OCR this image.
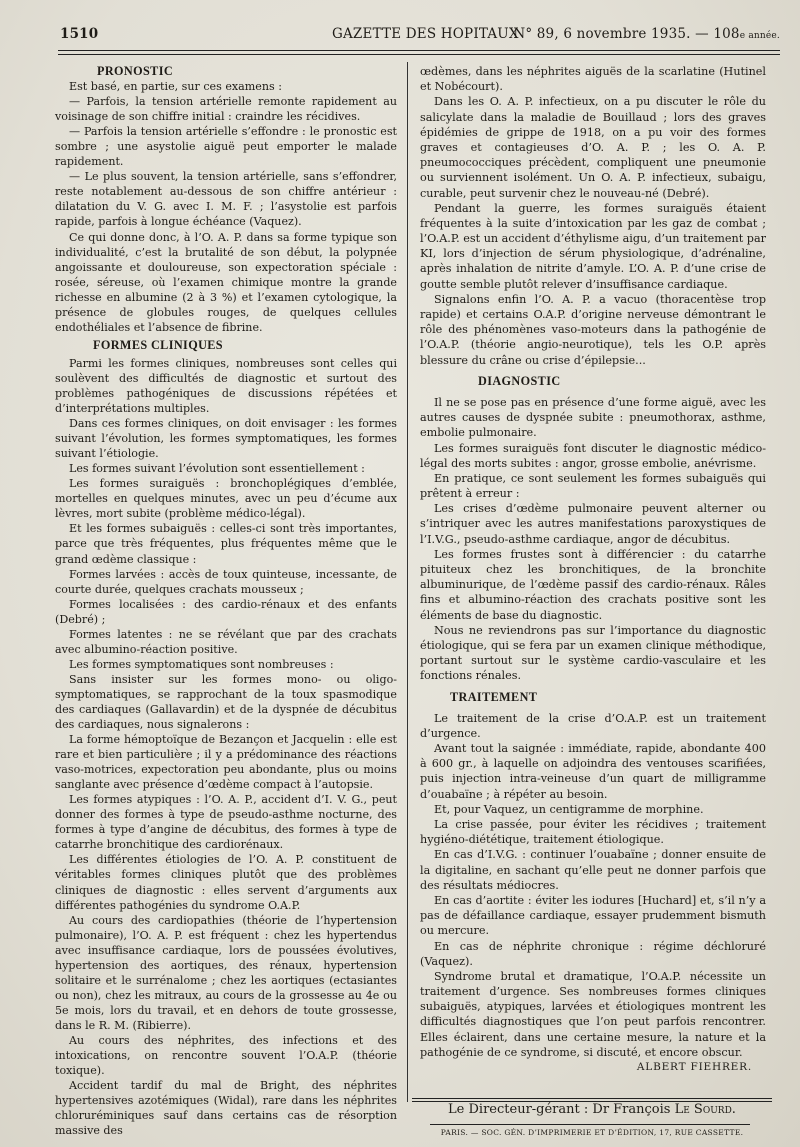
1510	GAZETTE DES HOPITAUX
N° 89, 6 novembre 1935. — 108e année.
PRONOSTIC

Est basé, en partie, sur ces examens :

— Parfois, la tension artérielle remonte rapidement au voisinage de son chiffre initial : craindre les récidives.

— Parfois la tension artérielle s’effondre : le pronostic est sombre ; une asystolie aiguë peut emporter le malade rapidement.

— Le plus souvent, la tension artérielle, sans s’effondrer, reste notablement au-dessous de son chiffre antérieur : dilatation du V. G. avec I. M. F. ; l’asystolie est parfois rapide, parfois à longue échéance (Vaquez).

Ce qui donne donc, à l’O. A. P. dans sa forme typique son individualité, c’est la brutalité de son début, la polypnée angoissante et douloureuse, son expectoration spéciale : rosée, séreuse, où l’examen chimique montre la grande richesse en albumine (2 à 3 %) et l’examen cytologique, la présence de globules rouges, de quelques cellules endothéliales et l’absence de fibrine.

FORMES CLINIQUES

Parmi les formes cliniques, nombreuses sont celles qui soulèvent des difficultés de diagnostic et surtout des problèmes pathogéniques de discussions répétées et d’interprétations multiples.

Dans ces formes cliniques, on doit envisager : les formes suivant l’évolution, les formes symptomatiques, les formes suivant l’étiologie.

Les formes suivant l’évolution sont essentiellement :

Les formes suraiguës : bronchoplégiques d’emblée, mortelles en quelques minutes, avec un peu d’écume aux lèvres, mort subite (problème médico-légal).

Et les formes subaiguës : celles-ci sont très importantes, parce que très fréquentes, plus fréquentes même que le grand œdème classique :

Formes larvées : accès de toux quinteuse, incessante, de courte durée, quelques crachats mousseux ;

Formes localisées : des cardio-rénaux et des enfants (Debré) ;

Formes latentes : ne se révélant que par des crachats avec albumino-réaction positive.

Les formes symptomatiques sont nombreuses :

Sans insister sur les formes mono- ou oligo-symptomatiques, se rapprochant de la toux spasmodique des cardiaques (Gallavardin) et de la dyspnée de décubitus des cardiaques, nous signalerons :

La forme hémoptoïque de Bezançon et Jacquelin : elle est rare et bien particulière ; il y a prédominance des réactions vaso-motrices, expectoration peu abondante, plus ou moins sanglante avec présence d’œdème compact à l’autopsie.

Les formes atypiques : l’O. A. P., accident d’I. V. G., peut donner des formes à type de pseudo-asthme nocturne, des formes à type d’angine de décubitus, des formes à type de catarrhe bronchitique des cardiorénaux.

Les différentes étiologies de l’O. A. P. constituent de véritables formes cliniques plutôt que des problèmes cliniques de diagnostic : elles servent d’arguments aux différentes pathogénies du syndrome O.A.P.

Au cours des cardiopathies (théorie de l’hypertension pulmonaire), l’O. A. P. est fréquent : chez les hypertendus avec insuffisance cardiaque, lors de poussées évolutives, hypertension des aortiques, des rénaux, hypertension solitaire et le surrénalome ; chez les aortiques (ectasiantes ou non), chez les mitraux, au cours de la grossesse au 4e ou 5e mois, lors du travail, et en dehors de toute grossesse, dans le R. M. (Ribierre).

Au cours des néphrites, des infections et des intoxications, on rencontre souvent l’O.A.P. (théorie toxique).

Accident tardif du mal de Bright, des néphrites hypertensives azotémiques (Widal), rare dans les néphrites chloruréminiques sauf dans certains cas de résorption massive des

œdèmes, dans les néphrites aiguës de la scarlatine (Hutinel et Nobécourt).

Dans les O. A. P. infectieux, on a pu discuter le rôle du salicylate dans la maladie de Bouillaud ; lors des graves épidémies de grippe de 1918, on a pu voir des formes graves et contagieuses d’O. A. P. ; les O. A. P. pneumococciques précèdent, compliquent une pneumonie ou surviennent isolément. Un O. A. P. infectieux, subaigu, curable, peut survenir chez le nouveau-né (Debré).

Pendant la guerre, les formes suraiguës étaient fréquentes à la suite d’intoxication par les gaz de combat ; l’O.A.P. est un accident d’éthylisme aigu, d’un traitement par KI, lors d’injection de sérum physiologique, d’adrénaline, après inhalation de nitrite d’amyle. L’O. A. P. d’une crise de goutte semble plutôt relever d’insuffisance cardiaque.

Signalons enfin l’O. A. P. a vacuo (thoracentèse trop rapide) et certains O.A.P. d’origine nerveuse démontrant le rôle des phénomènes vaso-moteurs dans la pathogénie de l’O.A.P. (théorie angio-neurotique), tels les O.P. après blessure du crâne ou crise d’épilepsie...

DIAGNOSTIC

Il ne se pose pas en présence d’une forme aiguë, avec les autres causes de dyspnée subite : pneumothorax, asthme, embolie pulmonaire.

Les formes suraiguës font discuter le diagnostic médico-légal des morts subites : angor, grosse embolie, anévrisme.

En pratique, ce sont seulement les formes subaiguës qui prêtent à erreur :

Les crises d’œdème pulmonaire peuvent alterner ou s’intriquer avec les autres manifestations paroxystiques de l’I.V.G., pseudo-asthme cardiaque, angor de décubitus.

Les formes frustes sont à différencier : du catarrhe pituiteux chez les bronchitiques, de la bronchite albuminurique, de l’œdème passif des cardio-rénaux. Râles fins et albumino-réaction des crachats positive sont les éléments de base du diagnostic.

Nous ne reviendrons pas sur l’importance du diagnostic étiologique, qui se fera par un examen clinique méthodique, portant surtout sur le système cardio-vasculaire et les fonctions rénales.

TRAITEMENT

Le traitement de la crise d’O.A.P. est un traitement d’urgence.

Avant tout la saignée : immédiate, rapide, abondante 400 à 600 gr., à laquelle on adjoindra des ventouses scarifiées, puis injection intra-veineuse d’un quart de milligramme d’ouabaïne ; à répéter au besoin.

Et, pour Vaquez, un centigramme de morphine.

La crise passée, pour éviter les récidives ; traitement hygiéno-diététique, traitement étiologique.

En cas d’I.V.G. : continuer l’ouabaïne ; donner ensuite de la digitaline, en sachant qu’elle peut ne donner parfois que des résultats médiocres.

En cas d’aortite : éviter les iodures [Huchard] et, s’il n’y a pas de défaillance cardiaque, essayer prudemment bismuth ou mercure.

En cas de néphrite chronique : régime déchloruré (Vaquez).

Syndrome brutal et dramatique, l’O.A.P. nécessite un traitement d’urgence. Ses nombreuses formes cliniques subaiguës, atypiques, larvées et étiologiques montrent les difficultés diagnostiques que l’on peut parfois rencontrer. Elles éclairent, dans une certaine mesure, la nature et la pathogénie de ce syndrome, si discuté, et encore obscur.

ALBERT FIEHRER.
Le Directeur-gérant : Dr François Le Sourd.
PARIS. — SOC. GÉN. D’IMPRIMERIE ET D’ÉDITION, 17, RUE CASSETTE.
